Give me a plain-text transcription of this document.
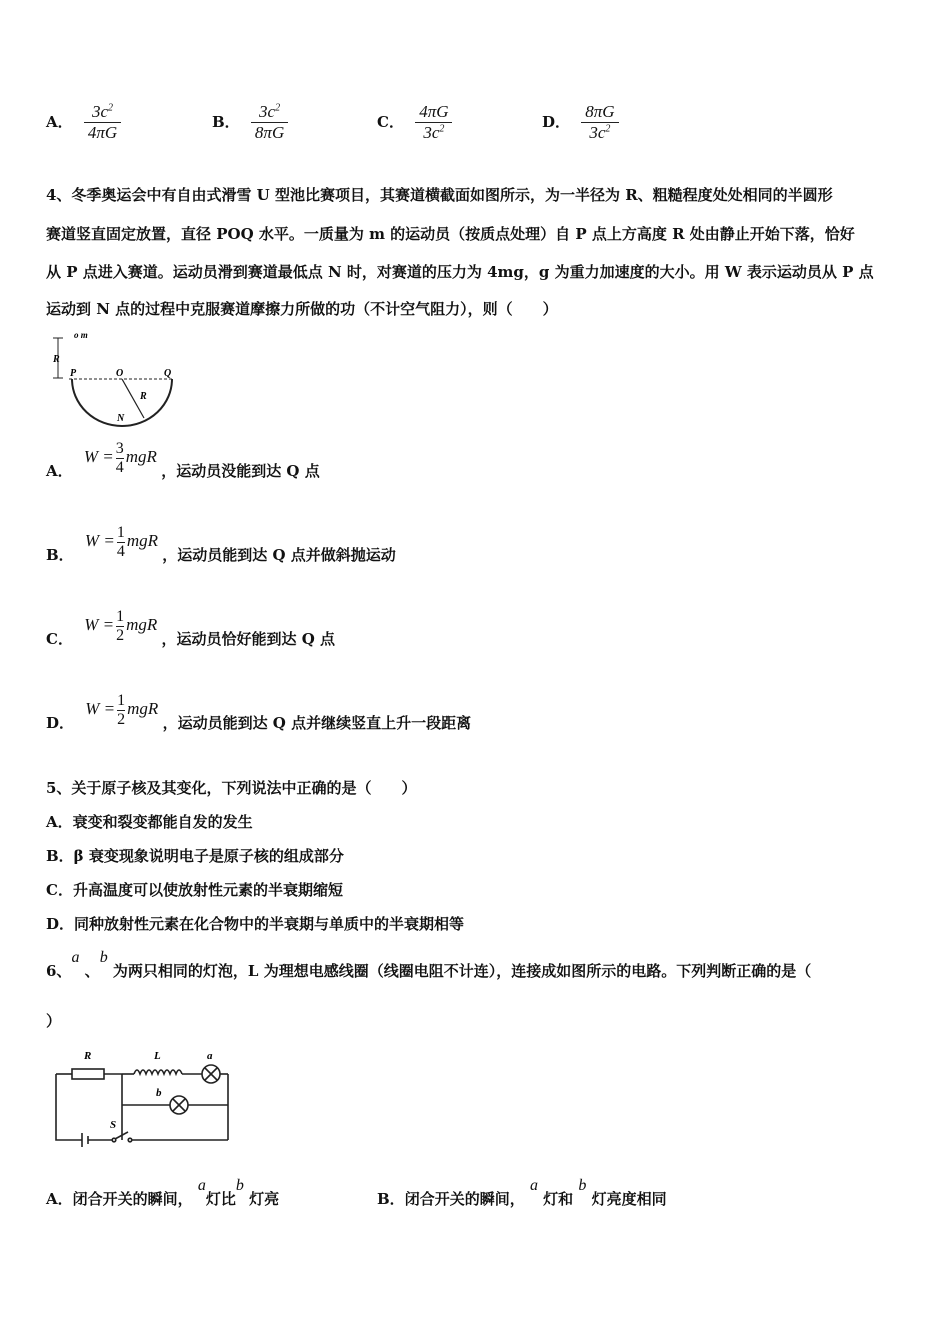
A． $\frac{3c^2}{4\pi G}$	B． $\frac{3c^2}{8\pi G}$	C． $\frac{4\pi G}{3c^2}$	D． $\frac{8\pi G}{3c^2}$
4、冬季奥运会中有自由式滑雪 U 型池比赛项目，其赛道横截面如图所示，为一半径为 R、粗糙程度处处相同的半圆形
赛道竖直固定放置，直径 POQ 水平。一质量为 m 的运动员（按质点处理）自 P 点上方高度 R 处由静止开始下落，恰好
从 P 点进入赛道。运动员滑到赛道最低点 N 时，对赛道的压力为 4mg，g 为重力加速度的大小。用 W 表示运动员从 P 点
运动到 N 点的过程中克服赛道摩擦力所做的功（不计空气阻力），则（　　）
o m
R
P	O	Q
R
N
A． $W = \frac{3}{4}$ mgR ，运动员没能到达 Q 点
B． $W = \frac{1}{4}$ mgR ，运动员能到达 Q 点并做斜抛运动
C． $W = \frac{1}{2}$ mgR ，运动员恰好能到达 Q 点
D． $W = \frac{1}{2}$ mgR ，运动员能到达 Q 点并继续竖直上升一段距离
5、关于原子核及其变化，下列说法中正确的是（　　）
A．衰变和裂变都能自发的发生
B．β 衰变现象说明电子是原子核的组成部分
C．升高温度可以使放射性元素的半衰期缩短
D．同种放射性元素在化合物中的半衰期与单质中的半衰期相等
6、a 、b 为两只相同的灯泡，L 为理想电感线圈（线圈电阻不计连），连接成如图所示的电路。下列判断正确的是（
）
R	L	a
b
S
A．闭合开关的瞬间， a灯比b 灯亮	B．闭合开关的瞬间， a 灯和 b 灯亮度相同
